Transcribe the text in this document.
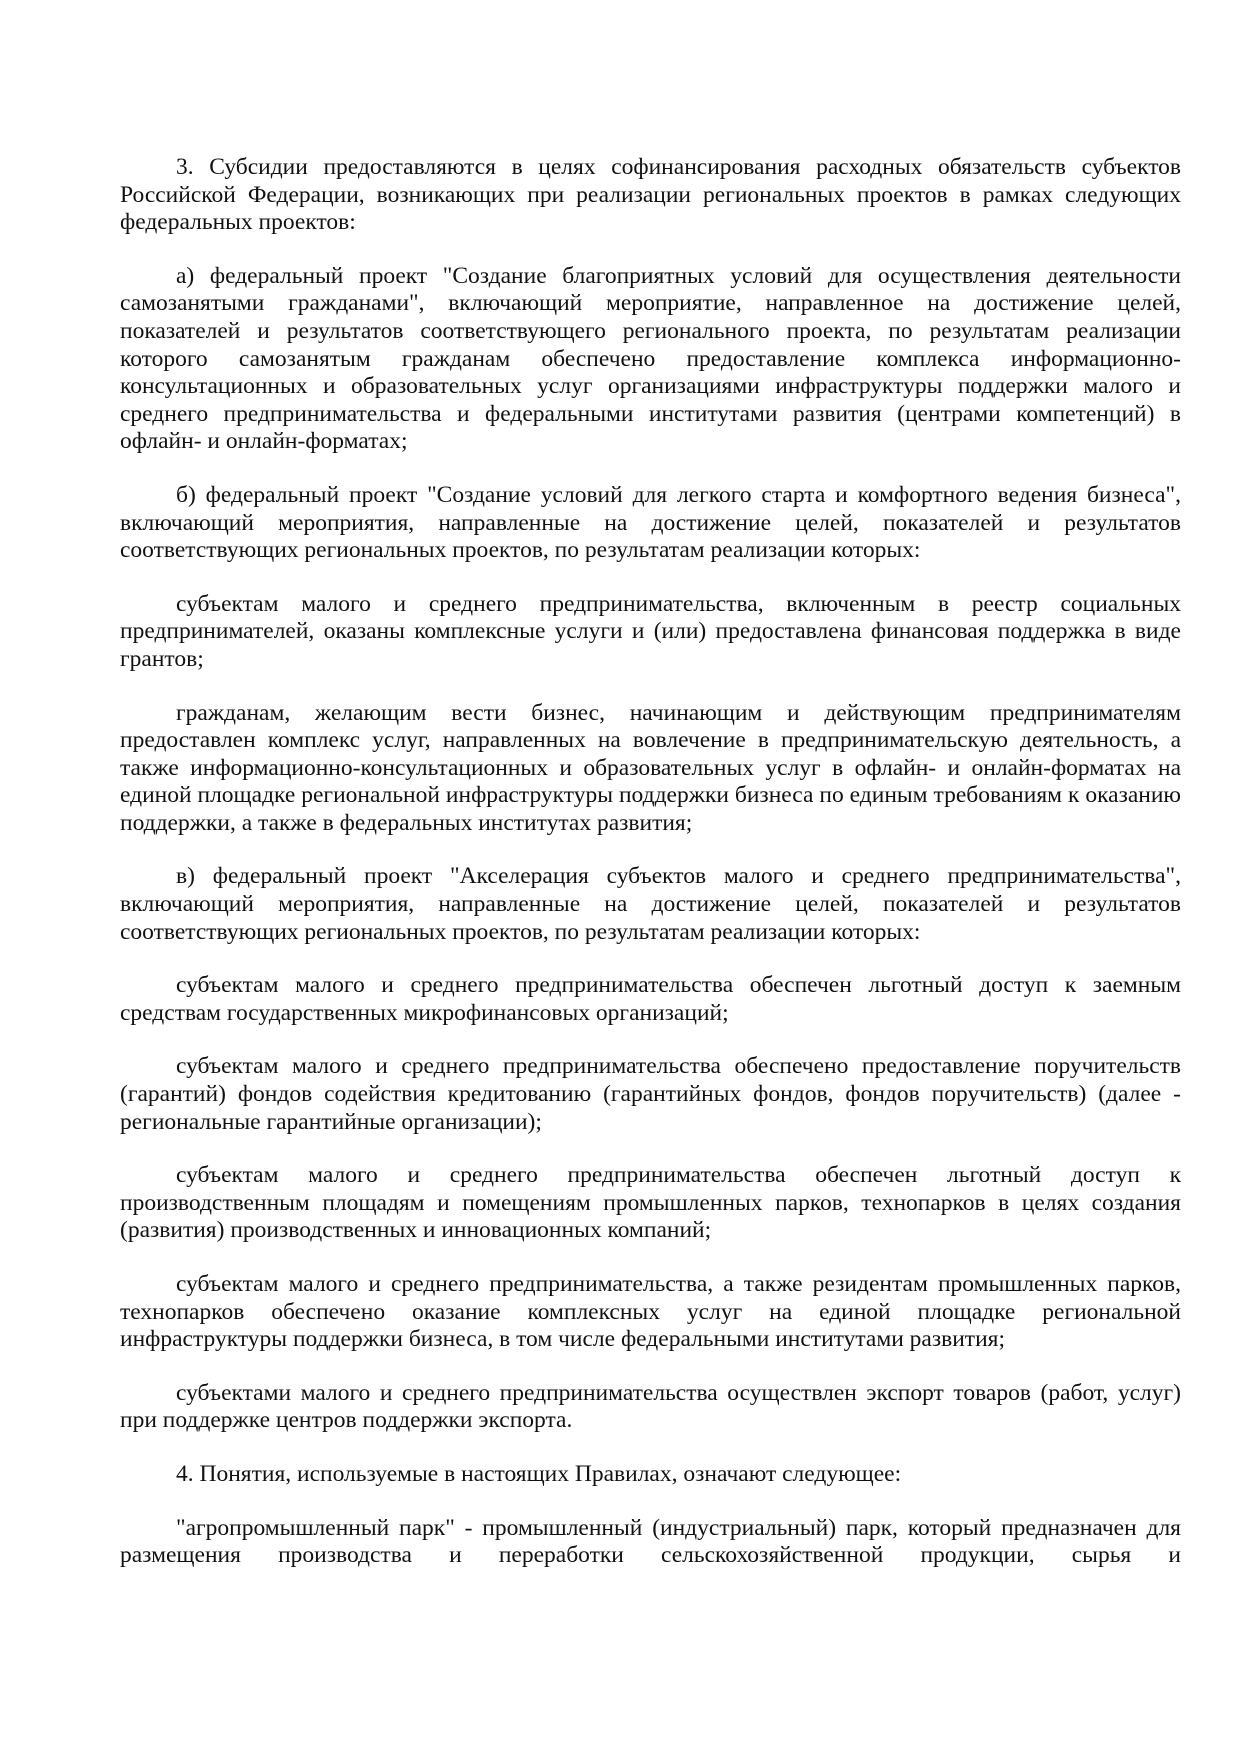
3. Субсидии предоставляются в целях софинансирования расходных обязательств субъектов Российской Федерации, возникающих при реализации региональных проектов в рамках следующих федеральных проектов:

а) федеральный проект "Создание благоприятных условий для осуществления деятельности самозанятыми гражданами", включающий мероприятие, направленное на достижение целей, показателей и результатов соответствующего регионального проекта, по результатам реализации которого самозанятым гражданам обеспечено предоставление комплекса информационно-консультационных и образовательных услуг организациями инфраструктуры поддержки малого и среднего предпринимательства и федеральными институтами развития (центрами компетенций) в офлайн- и онлайн-форматах;

б) федеральный проект "Создание условий для легкого старта и комфортного ведения бизнеса", включающий мероприятия, направленные на достижение целей, показателей и результатов соответствующих региональных проектов, по результатам реализации которых:

субъектам малого и среднего предпринимательства, включенным в реестр социальных предпринимателей, оказаны комплексные услуги и (или) предоставлена финансовая поддержка в виде грантов;

гражданам, желающим вести бизнес, начинающим и действующим предпринимателям предоставлен комплекс услуг, направленных на вовлечение в предпринимательскую деятельность, а также информационно-консультационных и образовательных услуг в офлайн- и онлайн-форматах на единой площадке региональной инфраструктуры поддержки бизнеса по единым требованиям к оказанию поддержки, а также в федеральных институтах развития;

в) федеральный проект "Акселерация субъектов малого и среднего предпринимательства", включающий мероприятия, направленные на достижение целей, показателей и результатов соответствующих региональных проектов, по результатам реализации которых:

субъектам малого и среднего предпринимательства обеспечен льготный доступ к заемным средствам государственных микрофинансовых организаций;

субъектам малого и среднего предпринимательства обеспечено предоставление поручительств (гарантий) фондов содействия кредитованию (гарантийных фондов, фондов поручительств) (далее - региональные гарантийные организации);

субъектам малого и среднего предпринимательства обеспечен льготный доступ к производственным площадям и помещениям промышленных парков, технопарков в целях создания (развития) производственных и инновационных компаний;

субъектам малого и среднего предпринимательства, а также резидентам промышленных парков, технопарков обеспечено оказание комплексных услуг на единой площадке региональной инфраструктуры поддержки бизнеса, в том числе федеральными институтами развития;

субъектами малого и среднего предпринимательства осуществлен экспорт товаров (работ, услуг) при поддержке центров поддержки экспорта.

4. Понятия, используемые в настоящих Правилах, означают следующее:

"агропромышленный парк" - промышленный (индустриальный) парк, который предназначен для размещения производства и переработки сельскохозяйственной продукции, сырья и
